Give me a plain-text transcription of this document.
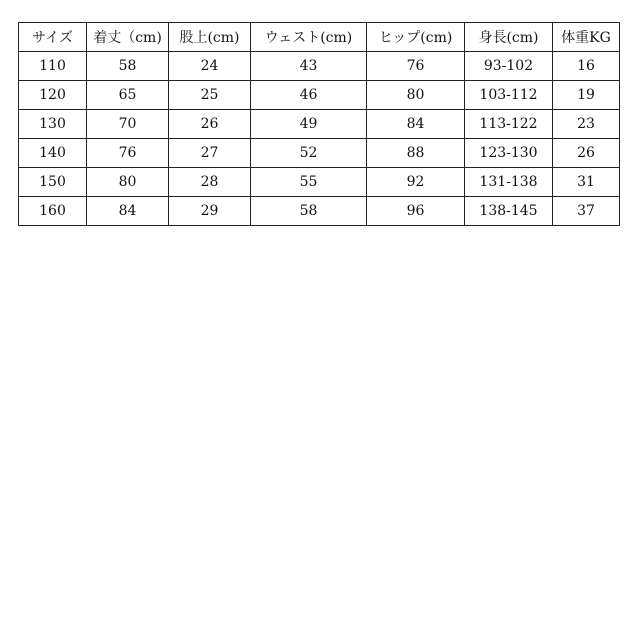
サイズ	着丈（cm)	股上(cm)	ウェスト(cm)	ヒップ(cm)	身長(cm)	体重KG
110	58	24	43	76	93-102	16
120	65	25	46	80	103-112	19
130	70	26	49	84	113-122	23
140	76	27	52	88	123-130	26
150	80	28	55	92	131-138	31
160	84	29	58	96	138-145	37
